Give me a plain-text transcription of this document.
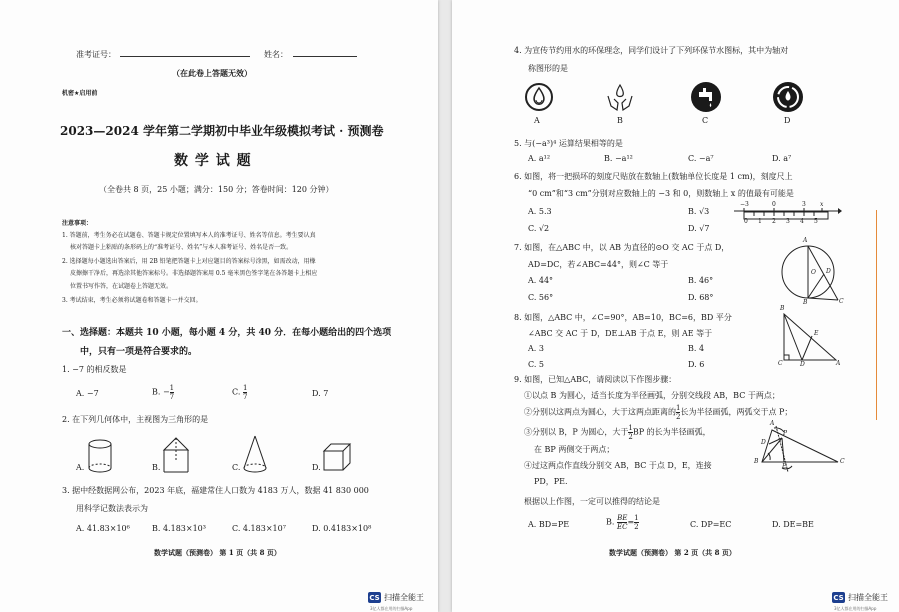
准考证号：	姓名：
（在此卷上答题无效）
机密★启用前
2023—2024 学年第二学期初中毕业年级模拟考试 · 预测卷
数 学 试 题
（全卷共 8 页，25 小题；满分：150 分；答卷时间：120 分钟）
注意事项：
1. 答题前，考生务必在试题卷、答题卡规定位置填写本人的准考证号、姓名等信息。考生要认真
核对答题卡上粘贴的条形码上的“准考证号、姓名”与本人准考证号、姓名是否一致。
2. 选择题每小题选出答案后，用 2B 铅笔把答题卡上对应题目的答案标号涂黑，如需改动，用橡
皮擦擦干净后，再选涂其他答案标号。非选择题答案用 0.5 毫米黑色签字笔在各答题卡上相应
位置书写作答，在试题卷上答题无效。
3. 考试结束，考生必须将试题卷和答题卡一并交回。
一、选择题：本题共 10 小题，每小题 4 分，共 40 分．在每小题给出的四个选项
中，只有一项是符合要求的。
1. −7 的相反数是
A. −7	B. − $\frac{1}{7}$	C. $\frac{1}{7}$	D. 7
2. 在下列几何体中，主视图为三角形的是
A.	B.	C.	D.
3. 据中经数据网公布，2023 年底，福建常住人口数为 4183 万人，数据 41 830 000
用科学记数法表示为
A. 41.83×10⁶	B. 4.183×10³	C. 4.183×10⁷	D. 0.4183×10⁸
数学试题（预测卷） 第 1 页（共 8 页）
4. 为宣传节约用水的环保理念，同学们设计了下列环保节水图标，其中为轴对
称图形的是
A	B	C	D
5. 与(−a³)⁴ 运算结果相等的是
A. a¹²	B. −a¹²	C. −a⁷	D. a⁷
6. 如图，将一把损坏的刻度尺贴放在数轴上(数轴单位长度是 1 cm)，刻度尺上
“0 cm”和“3 cm”分别对应数轴上的 −3 和 0，则数轴上 x 的值最有可能是
A. 5.3	B. √3
C. √2	D. √7
−3	0	3 x
0 1 2 3 4 5
7. 如图，在△ABC 中，以 AB 为直径的⊙O 交 AC 于点 D，
AD=DC，若∠ABC=44°，则∠C 等于
A. 44°	B. 46°
C. 56°	D. 68°
A
B	C
D
O
8. 如图，△ABC 中，∠C=90°，AB=10，BC=6，BD 平分
∠ABC 交 AC 于 D，DE⊥AB 于点 E，则 AE 等于
A. 3	B. 4
C. 5	D. 6
B
E
C	D	A
9. 如图，已知△ABC，请阅读以下作图步骤：
①以点 B 为圆心，适当长度为半径画弧，分别交线段 AB，BC 于两点；
②分别以这两点为圆心，大于这两点距离的 $\frac{1}{2}$ 长为半径画弧，两弧交于点 P；
③分别以 B，P 为圆心，大于 $\frac{1}{2}$ BP 的长为半径画弧，
在 BP 两侧交于两点；
④过这两点作直线分别交 AB，BC 于点 D，E，连接
PD，PE.
根据以上作图，一定可以推得的结论是
A. BD=PE	B. $\frac{BE}{EC} = \frac{1}{2}$	C. DP=EC	D. DE=BE
A
P
D
B
E
C
数学试题（预测卷） 第 2 页（共 8 页）
CS 扫描全能王
3亿人都在用的扫描App
CS 扫描全能王
3亿人都在用的扫描App
